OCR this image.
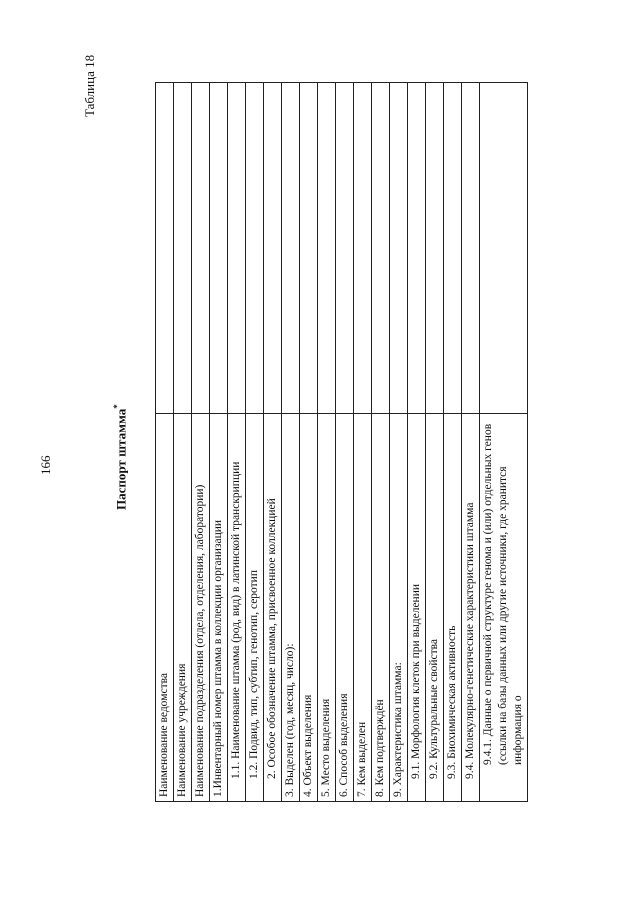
166
Таблица 18
Паспорт штамма*
Наименование ведомства	
Наименование учреждения	
Наименование подразделения (отдела, отделения, лаборатории)	
1.Инвентарный номер штамма в коллекции организации	
1.1. Наименование штамма (род, вид) в латинской транскрипции	
1.2. Подвид, тип, субтип, генотип, серотип	
2. Особое обозначение штамма, присвоенное коллекцией	
3. Выделен (год, месяц, число):	
4. Объект выделения	
5. Место выделения	
6. Способ выделения	
7. Кем выделен	
8. Кем подтверждён	
9. Характеристика штамма:	
9.1. Морфология клеток при выделении	
9.2. Культуральные свойства	
9.3. Биохимическая активность	
9.4. Молекулярно-генетические характеристики штамма	
9.4.1. Данные о первичной структуре генома и (или) отдельных генов (ссылки на базы данных или другие источники, где хранится информация о	
